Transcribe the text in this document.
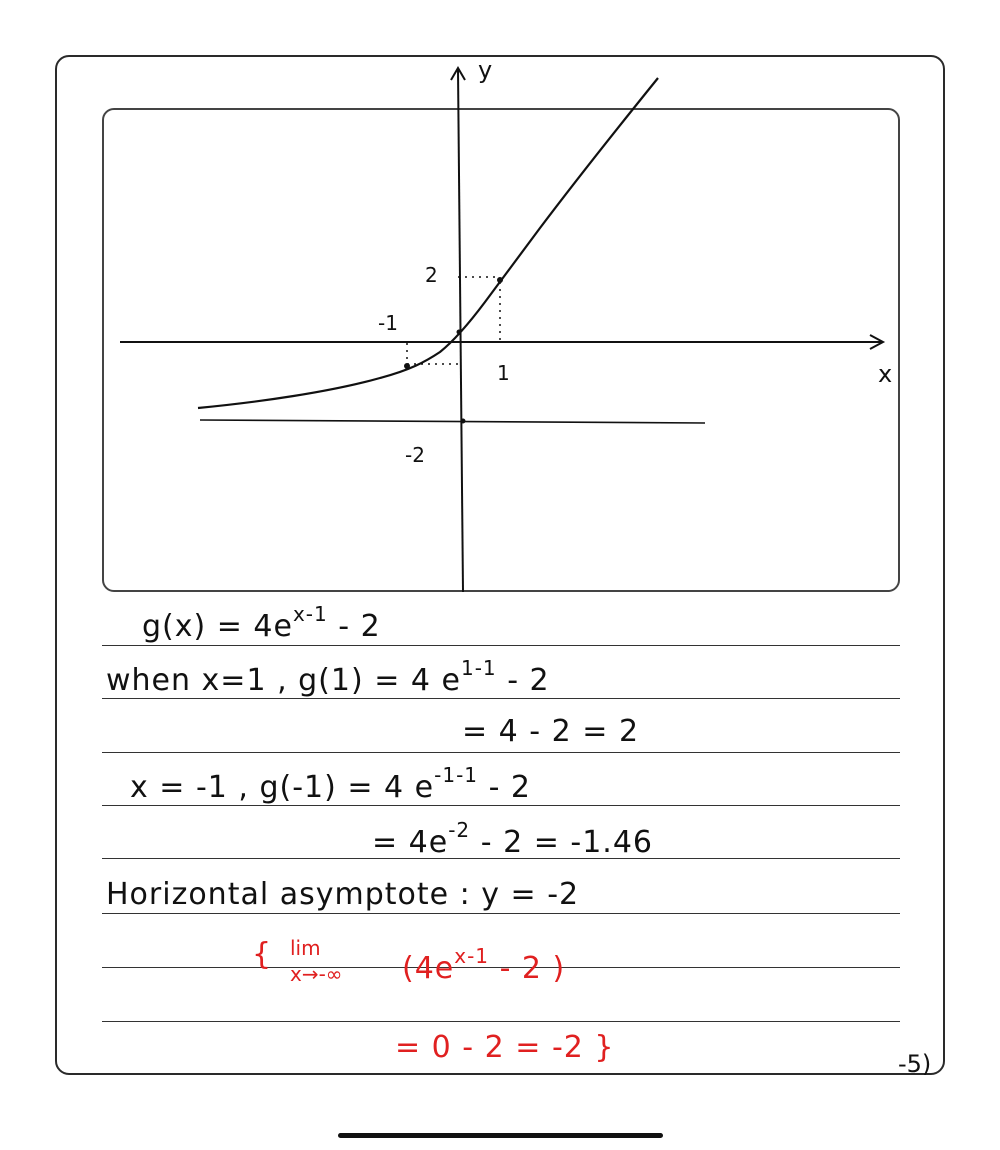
y
x
2
-1
1
-2
$g(x) = 4e^{x-1} - 2$
when x=1 , g(1) = 4 $e^{1-1} - 2$
= 4 - 2 = 2
x = -1 , g(-1) = 4 $e^{-1-1} - 2$
= $4e^{-2} - 2 = -1.46$
Horizontal asymptote : y = -2
{ lim
x→-∞ ($4e^{x-1} - 2$ )
= 0 - 2 = -2 }	-5)
